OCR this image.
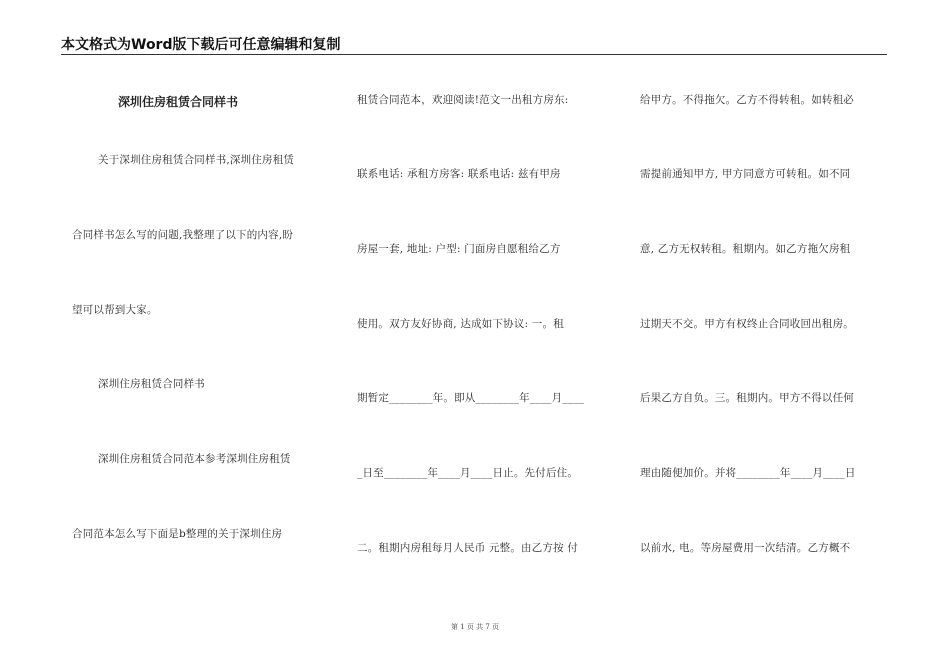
本文格式为Word版下载后可任意编辑和复制
深圳住房租赁合同样书
关于深圳住房租赁合同样书,深圳住房租赁
合同样书怎么写的问题,我整理了以下的内容,盼
望可以帮到大家。
深圳住房租赁合同样书
深圳住房租赁合同范本参考深圳住房租赁
合同范本怎么写下面是b整理的关于深圳住房
租赁合同范本，欢迎阅读!范文一出租方房东:
联系电话: 承租方房客: 联系电话: 兹有甲房
房屋一套, 地址: 户型: 门面房自愿租给乙方
使用。双方友好协商, 达成如下协议: 一。租
期暂定________年。即从________年____月____
_日至________年____月____日止。先付后住。
二。租期内房租每月人民币 元整。由乙方按 付
给甲方。不得拖欠。乙方不得转租。如转租必
需提前通知甲方, 甲方同意方可转租。如不同
意, 乙方无权转租。租期内。如乙方拖欠房租
过期天不交。甲方有权终止合同收回出租房。
后果乙方自负。三。租期内。甲方不得以任何
理由随便加价。并将________年____月____日
以前水, 电。等房屋费用一次结清。乙方概不
第 1 页 共 7 页
